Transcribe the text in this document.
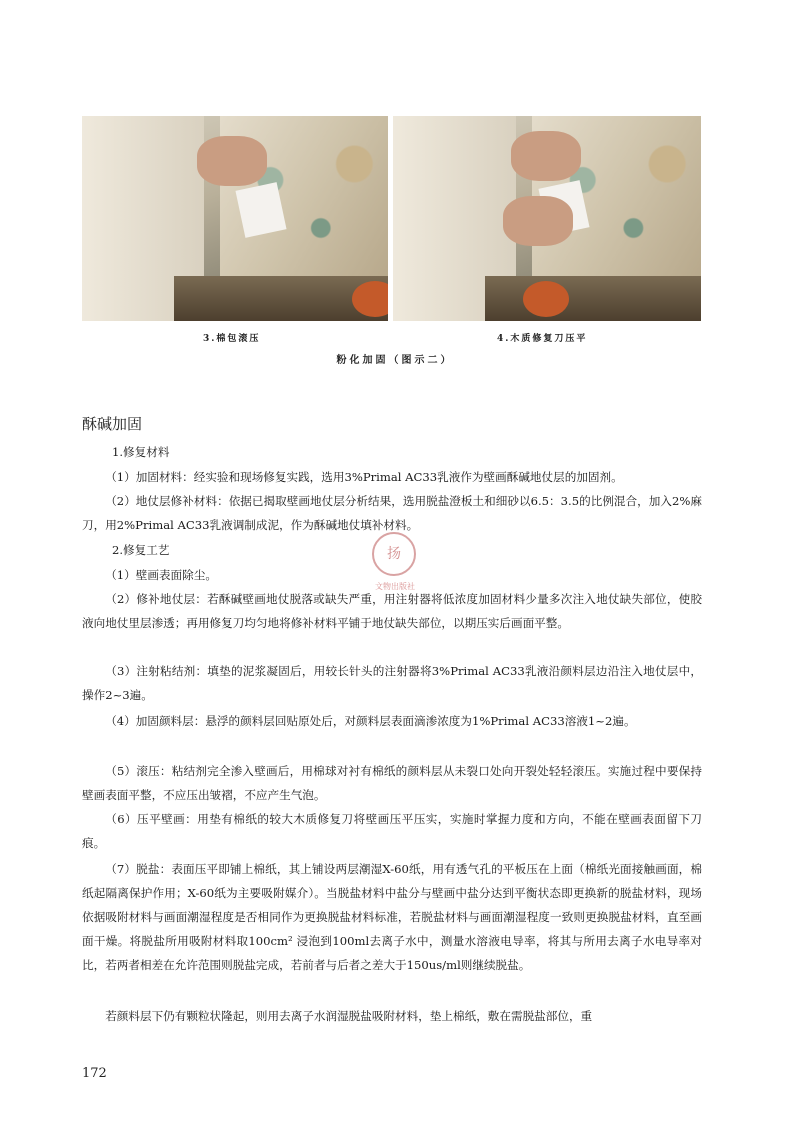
3.棉包滚压	4.木质修复刀压平
粉化加固（图示二）
酥碱加固
1.修复材料
（1）加固材料：经实验和现场修复实践，选用3%Primal AC33乳液作为壁画酥碱地仗层的加固剂。
（2）地仗层修补材料：依据已揭取壁画地仗层分析结果，选用脱盐澄板土和细砂以6.5：3.5的比例混合，加入2%麻刀，用2%Primal AC33乳液调制成泥，作为酥碱地仗填补材料。
2.修复工艺
（1）壁画表面除尘。
（2）修补地仗层：若酥碱壁画地仗脱落或缺失严重，用注射器将低浓度加固材料少量多次注入地仗缺失部位，使胶液向地仗里层渗透；再用修复刀均匀地将修补材料平铺于地仗缺失部位，以期压实后画面平整。
（3）注射粘结剂：填垫的泥浆凝固后，用较长针头的注射器将3%Primal AC33乳液沿颜料层边沿注入地仗层中，操作2~3遍。
（4）加固颜料层：悬浮的颜料层回贴原处后，对颜料层表面滴渗浓度为1%Primal AC33溶液1~2遍。
（5）滚压：粘结剂完全渗入壁画后，用棉球对衬有棉纸的颜料层从未裂口处向开裂处轻轻滚压。实施过程中要保持壁画表面平整，不应压出皱褶，不应产生气泡。
（6）压平壁画：用垫有棉纸的较大木质修复刀将壁画压平压实，实施时掌握力度和方向，不能在壁画表面留下刀痕。
（7）脱盐：表面压平即铺上棉纸，其上铺设两层潮湿X-60纸，用有透气孔的平板压在上面（棉纸光面接触画面，棉纸起隔离保护作用；X-60纸为主要吸附媒介）。当脱盐材料中盐分与壁画中盐分达到平衡状态即更换新的脱盐材料，现场依据吸附材料与画面潮湿程度是否相同作为更换脱盐材料标准，若脱盐材料与画面潮湿程度一致则更换脱盐材料，直至画面干燥。将脱盐所用吸附材料取100cm² 浸泡到100ml去离子水中，测量水溶液电导率，将其与所用去离子水电导率对比，若两者相差在允许范围则脱盐完成，若前者与后者之差大于150us/ml则继续脱盐。
若颜料层下仍有颗粒状隆起，则用去离子水润湿脱盐吸附材料，垫上棉纸，敷在需脱盐部位，重
扬
文物出版社
172
